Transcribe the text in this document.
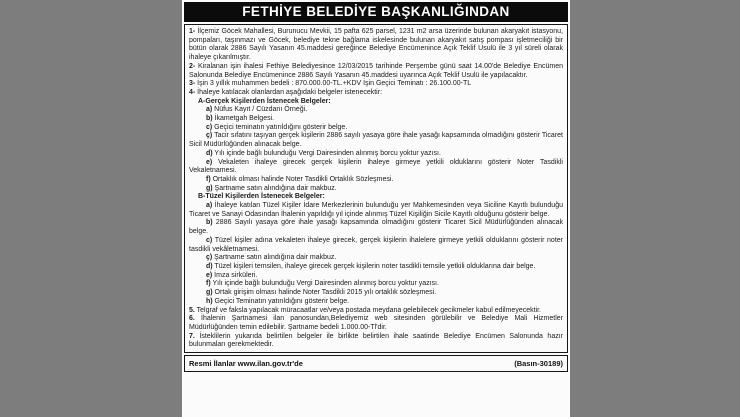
FETHİYE BELEDİYE BAŞKANLIĞINDAN

1- İlçemiz Göcek Mahallesi, Burunucu Mevkii, 15 pafta 625 parsel, 1231 m2 arsa üzerinde bulunan akaryakıt istasyonu, pompaları, taşınmazı ve Göcek, belediye tekne bağlama iskelesinde bulunan akaryakıt satış pompası işletmeciliği bir bütün olarak 2886 Sayılı Yasanın 45.maddesi gereğince Belediye Encümenince Açık Teklif Usulü ile 3 yıl süreli olarak ihaleye çıkarılmıştır.

2- Kiralanan işin ihalesi Fethiye Belediyesince 12/03/2015 tarihinde Perşembe günü saat 14.00'de Belediye Encümen Salonunda Belediye Encümenince 2886 Sayılı Yasanın 45.maddesi uyarınca Açık Teklif Usulü ile yapılacaktır.

3- İşin 3 yıllık muhammen bedeli : 870.000.00-TL.+KDV İşin Geçici Teminatı : 26.100.00-TL

4- İhaleye katılacak olanlardan aşağıdaki belgeler istenecektir:

A-Gerçek Kişilerden İstenecek Belgeler:

a) Nüfus Kayıt / Cüzdanı Örneği.

b) İkametgah Belgesi.

c) Geçici teminatın yatırıldığını gösterir belge.

ç) Tacir sıfatını taşıyan gerçek kişilerin 2886 sayılı yasaya göre ihale yasağı kapsamında olmadığını gösterir Ticaret Sicil Müdürlüğünden alınacak belge.

d) Yılı içinde bağlı bulunduğu Vergi Dairesinden alınmış borcu yoktur yazısı.

e) Vekaleten ihaleye girecek gerçek kişilerin ihaleye girmeye yetkili olduklarını gösterir Noter Tasdikli Vekaletnamesi.

f) Ortaklık olması halinde Noter Tasdikli Ortaklık Sözleşmesi.

g) Şartname satın alındığına dair makbuz.

B-Tüzel Kişilerden İstenecek Belgeler:

a) İhaleye katılan Tüzel Kişiler İdare Merkezlerinin bulunduğu yer Mahkemesinden veya Siciline Kayıtlı bulunduğu Ticaret ve Sanayi Odasından İhalenin yapıldığı yıl içinde alınmış Tüzel Kişiliğin Sicile Kayıtlı olduğunu gösterir belge.

b) 2886 Sayılı yasaya göre ihale yasağı kapsamında olmadığını gösterir Ticaret Sicil Müdürlüğünden alınacak belge.

c) Tüzel kişiler adına vekaleten ihaleye girecek, gerçek kişilerin ihalelere girmeye yetkili olduklarını gösterir noter tasdikli vekâletnamesi.

ç) Şartname satın alındığına dair makbuz.

d) Tüzel kişileri temsilen, ihaleye girecek gerçek kişilerin noter tasdikli temsile yetkili olduklarına dair belge.

e) İmza sirküleri.

f) Yılı içinde bağlı bulunduğu Vergi Dairesinden alınmış borcu yoktur yazısı.

g) Ortak girişim olması halinde Noter Tasdikli 2015 yılı ortaklık sözleşmesi.

h) Geçici Teminatın yatırıldığını gösterir belge.

5. Telgraf ve faksla yapılacak müracaatlar ve/veya postada meydana gelebilecek gecikmeler kabul edilmeyecektir.

6. İhalenin Şartnamesi ilan panosundan,Belediyemiz web sitesinden görülebilir ve Belediye Mali Hizmetler Müdürlüğünden temin edilebilir. Şartname bedeli 1.000.00-Tl'dir.

7. İsteklilerin yukarıda belirtilen belgeler ile birlikte belirtilen ihale saatinde Belediye Encümen Salonunda hazır bulunmaları gerekmektedir.

Resmi İlanlar www.ilan.gov.tr'de	(Basın-30189)
